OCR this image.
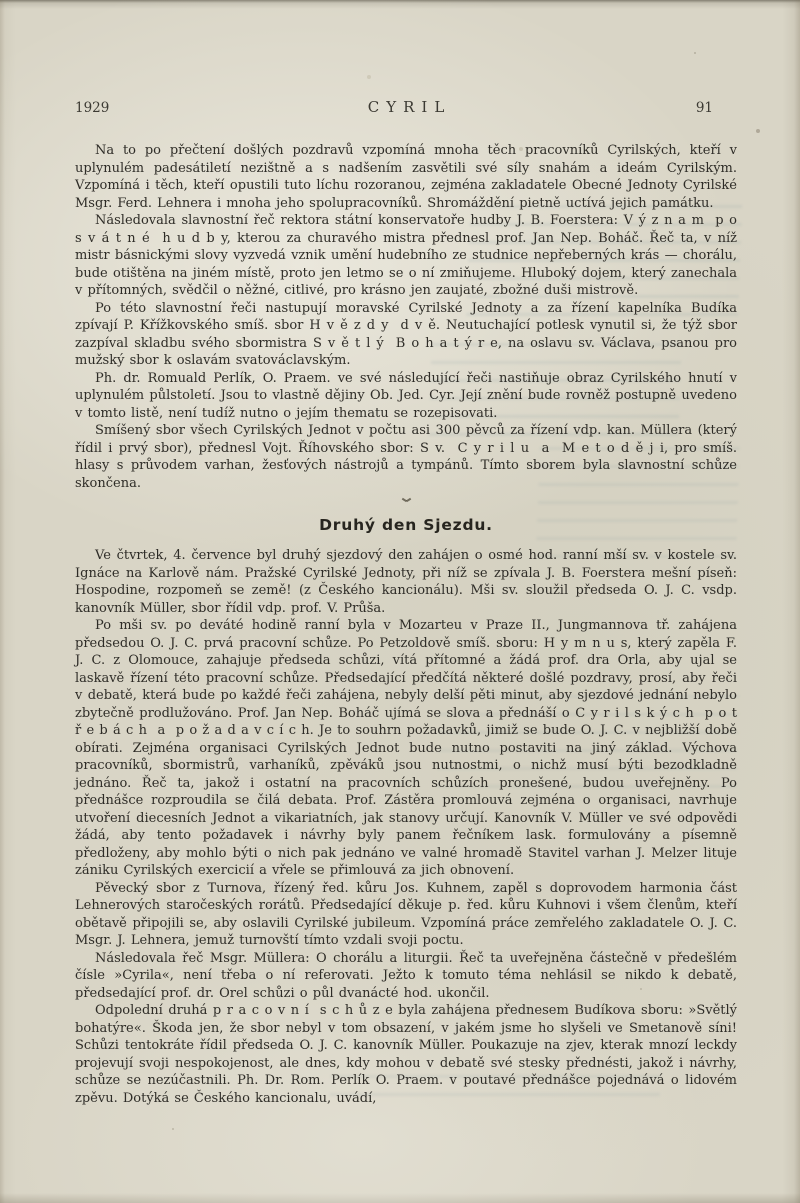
1929	CYRIL	91

Na to po přečtení došlých pozdravů vzpomíná mnoha těch pracovníků Cyrilských, kteří v uplynulém padesátiletí nezištně a s nadšením zasvětili své síly snahám a ideám Cyrilským. Vzpomíná i těch, kteří opustili tuto líchu rozoranou, zejména zakladatele Obecné Jednoty Cyrilské Msgr. Ferd. Lehnera i mnoha jeho spolupracovníků. Shromáždění pietně uctívá jejich památku.

Následovala slavnostní řeč rektora státní konservatoře hudby J. B. Foerstera: V ý z n a m  p o s v á t n é  h u d b y, kterou za churavého mistra přednesl prof. Jan Nep. Boháč. Řeč ta, v níž mistr básnickými slovy vyzvedá vznik umění hudebního ze studnice nepřeberných krás — chorálu, bude otištěna na jiném místě, proto jen letmo se o ní zmiňujeme. Hluboký dojem, který zanechala v přítomných, svědčil o něžné, citlivé, pro krásno jen zaujaté, zbožné duši mistrově.

Po této slavnostní řeči nastupují moravské Cyrilské Jednoty a za řízení kapelníka Budíka zpívají P. Křížkovského smíš. sbor H v ě z d y  d v ě. Neutuchající potlesk vynutil si, že týž sbor zazpíval skladbu svého sbormistra S v ě t l ý  B o h a t ý r e, na oslavu sv. Václava, psanou pro mužský sbor k oslavám svatováclavským.

Ph. dr. Romuald Perlík, O. Praem. ve své následující řeči nastiňuje obraz Cyrilského hnutí v uplynulém půlstoletí. Jsou to vlastně dějiny Ob. Jed. Cyr. Její znění bude rovněž postupně uvedeno v tomto listě, není tudíž nutno o jejím thematu se rozepisovati.

Smíšený sbor všech Cyrilských Jednot v počtu asi 300 pěvců za řízení vdp. kan. Müllera (který řídil i prvý sbor), přednesl Vojt. Říhovského sbor: S v.  C y r i l u  a  M e t o d ě j i, pro smíš. hlasy s průvodem varhan, žesťových nástrojů a tympánů. Tímto sborem byla slavnostní schůze skončena.

Druhý den Sjezdu.

Ve čtvrtek, 4. července byl druhý sjezdový den zahájen o osmé hod. ranní mší sv. v kostele sv. Ignáce na Karlově nám. Pražské Cyrilské Jednoty, při níž se zpívala J. B. Foerstera mešní píseň: Hospodine, rozpomeň se země! (z Českého kancionálu). Mši sv. sloužil předseda O. J. C. vsdp. kanovník Müller, sbor řídil vdp. prof. V. Průša.

Po mši sv. po deváté hodině ranní byla v Mozarteu v Praze II., Jungmannova tř. zahájena předsedou O. J. C. prvá pracovní schůze. Po Petzoldově smíš. sboru: H y m n u s, který zapěla F. J. C. z Olomouce, zahajuje předseda schůzi, vítá přítomné a žádá prof. dra Orla, aby ujal se laskavě řízení této pracovní schůze. Předsedající předčítá některé došlé pozdravy, prosí, aby řeči v debatě, která bude po každé řeči zahájena, nebyly delší pěti minut, aby sjezdové jednání nebylo zbytečně prodlužováno. Prof. Jan Nep. Boháč ujímá se slova a přednáší o C y r i l s k ý c h  p o t ř e b á c h  a  p o ž a d a v c í c h. Je to souhrn požadavků, jimiž se bude O. J. C. v nejbližší době obírati. Zejména organisaci Cyrilských Jednot bude nutno postaviti na jiný základ. Výchova pracovníků, sbormistrů, varhaníků, zpěváků jsou nutnostmi, o nichž musí býti bezodkladně jednáno. Řeč ta, jakož i ostatní na pracovních schůzích pronešené, budou uveřejněny. Po přednášce rozproudila se čilá debata. Prof. Zástěra promlouvá zejména o organisaci, navrhuje utvoření diecesních Jednot a vikariatních, jak stanovy určují. Kanovník V. Müller ve své odpovědi žádá, aby tento požadavek i návrhy byly panem řečníkem lask. formulovány a písemně předloženy, aby mohlo býti o nich pak jednáno ve valné hromadě Stavitel varhan J. Melzer lituje zániku Cyrilských exercicií a vřele se přimlouvá za jich obnovení.

Pěvecký sbor z Turnova, řízený řed. kůru Jos. Kuhnem, zapěl s doprovodem harmonia část Lehnerových staročeských rorátů. Předsedající děkuje p. řed. kůru Kuhnovi i všem členům, kteří obětavě připojili se, aby oslavili Cyrilské jubileum. Vzpomíná práce zemřelého zakladatele O. J. C. Msgr. J. Lehnera, jemuž turnovští tímto vzdali svoji poctu.

Následovala řeč Msgr. Müllera: O chorálu a liturgii. Řeč ta uveřejněna částečně v předešlém čísle »Cyrila«, není třeba o ní referovati. Ježto k tomuto téma nehlásil se nikdo k debatě, předsedající prof. dr. Orel schůzi o půl dvanácté hod. ukončil.

Odpolední druhá p r a c o v n í  s c h ů z e byla zahájena přednesem Budíkova sboru: »Světlý bohatýre«. Škoda jen, že sbor nebyl v tom obsazení, v jakém jsme ho slyšeli ve Smetanově síni! Schůzi tentokráte řídil předseda O. J. C. kanovník Müller. Poukazuje na zjev, kterak mnozí leckdy projevují svoji nespokojenost, ale dnes, kdy mohou v debatě své stesky přednésti, jakož i návrhy, schůze se nezúčastnili. Ph. Dr. Rom. Perlík O. Praem. v poutavé přednášce pojednává o lidovém zpěvu. Dotýká se Českého kancionalu, uvádí,
